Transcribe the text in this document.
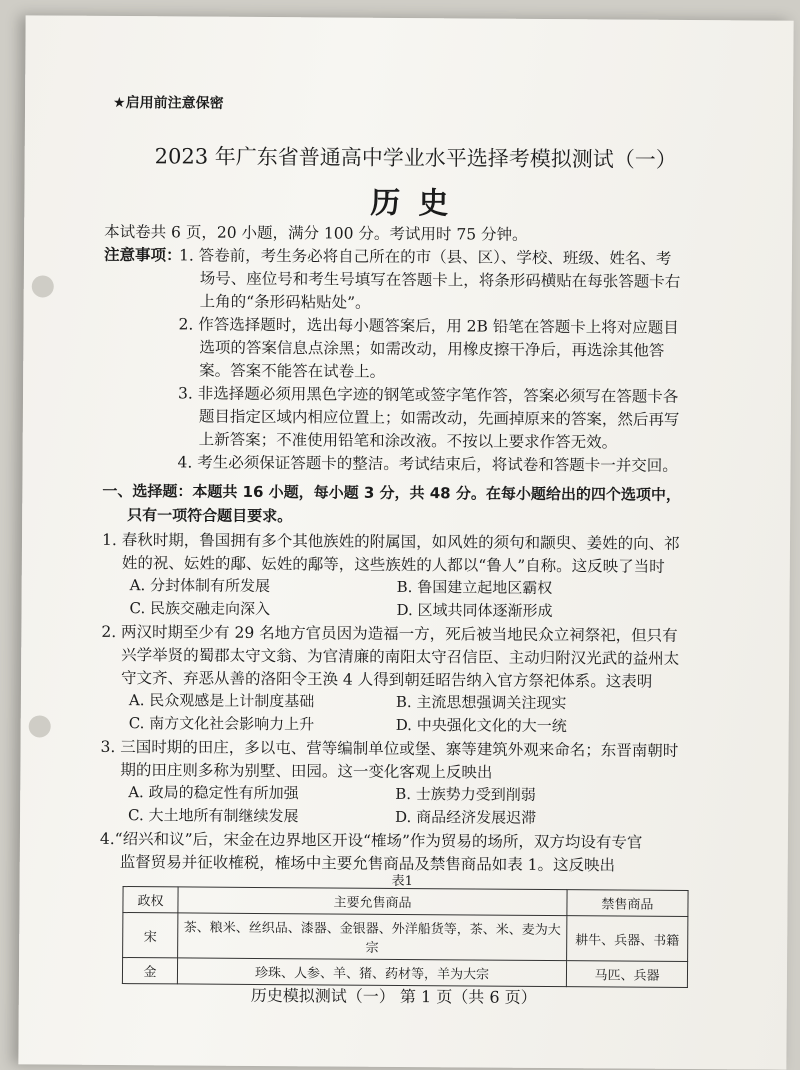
★启用前注意保密
2023 年广东省普通高中学业水平选择考模拟测试（一）
历史
本试卷共 6 页，20 小题，满分 100 分。考试用时 75 分钟。
注意事项：
1. 答卷前，考生务必将自己所在的市（县、区）、学校、班级、姓名、考
场号、座位号和考生号填写在答题卡上，将条形码横贴在每张答题卡右
上角的“条形码粘贴处”。
2. 作答选择题时，选出每小题答案后，用 2B 铅笔在答题卡上将对应题目
选项的答案信息点涂黑；如需改动，用橡皮擦干净后，再选涂其他答
案。答案不能答在试卷上。
3. 非选择题必须用黑色字迹的钢笔或签字笔作答，答案必须写在答题卡各
题目指定区域内相应位置上；如需改动，先画掉原来的答案，然后再写
上新答案；不准使用铅笔和涂改液。不按以上要求作答无效。
4. 考生必须保证答题卡的整洁。考试结束后，将试卷和答题卡一并交回。
一、选择题：本题共 16 小题，每小题 3 分，共 48 分。在每小题给出的四个选项中，
只有一项符合题目要求。
1. 春秋时期，鲁国拥有多个其他族姓的附属国，如风姓的须句和颛臾、姜姓的向、祁
姓的祝、妘姓的鄅、妘姓的鄅等，这些族姓的人都以“鲁人”自称。这反映了当时
A. 分封体制有所发展	B. 鲁国建立起地区霸权
C. 民族交融走向深入	D. 区域共同体逐渐形成
2. 两汉时期至少有 29 名地方官员因为造福一方，死后被当地民众立祠祭祀，但只有
兴学举贤的蜀郡太守文翁、为官清廉的南阳太守召信臣、主动归附汉光武的益州太
守文齐、弃恶从善的洛阳令王涣 4 人得到朝廷昭告纳入官方祭祀体系。这表明
A. 民众观感是上计制度基础	B. 主流思想强调关注现实
C. 南方文化社会影响力上升	D. 中央强化文化的大一统
3. 三国时期的田庄，多以屯、营等编制单位或堡、寨等建筑外观来命名；东晋南朝时
期的田庄则多称为别墅、田园。这一变化客观上反映出
A. 政局的稳定性有所加强	B. 士族势力受到削弱
C. 大土地所有制继续发展	D. 商品经济发展迟滞
4.“绍兴和议”后，宋金在边界地区开设“榷场”作为贸易的场所，双方均设有专官
监督贸易并征收榷税，榷场中主要允售商品及禁售商品如表 1。这反映出
政权	主要允售商品	禁售商品
宋	茶、粮米、丝织品、漆器、金银器、外洋船货等，茶、米、麦为大宗	耕牛、兵器、书籍
金	珍珠、人参、羊、猪、药材等，羊为大宗	马匹、兵器
表1
历史模拟测试（一） 第 1 页（共 6 页）
